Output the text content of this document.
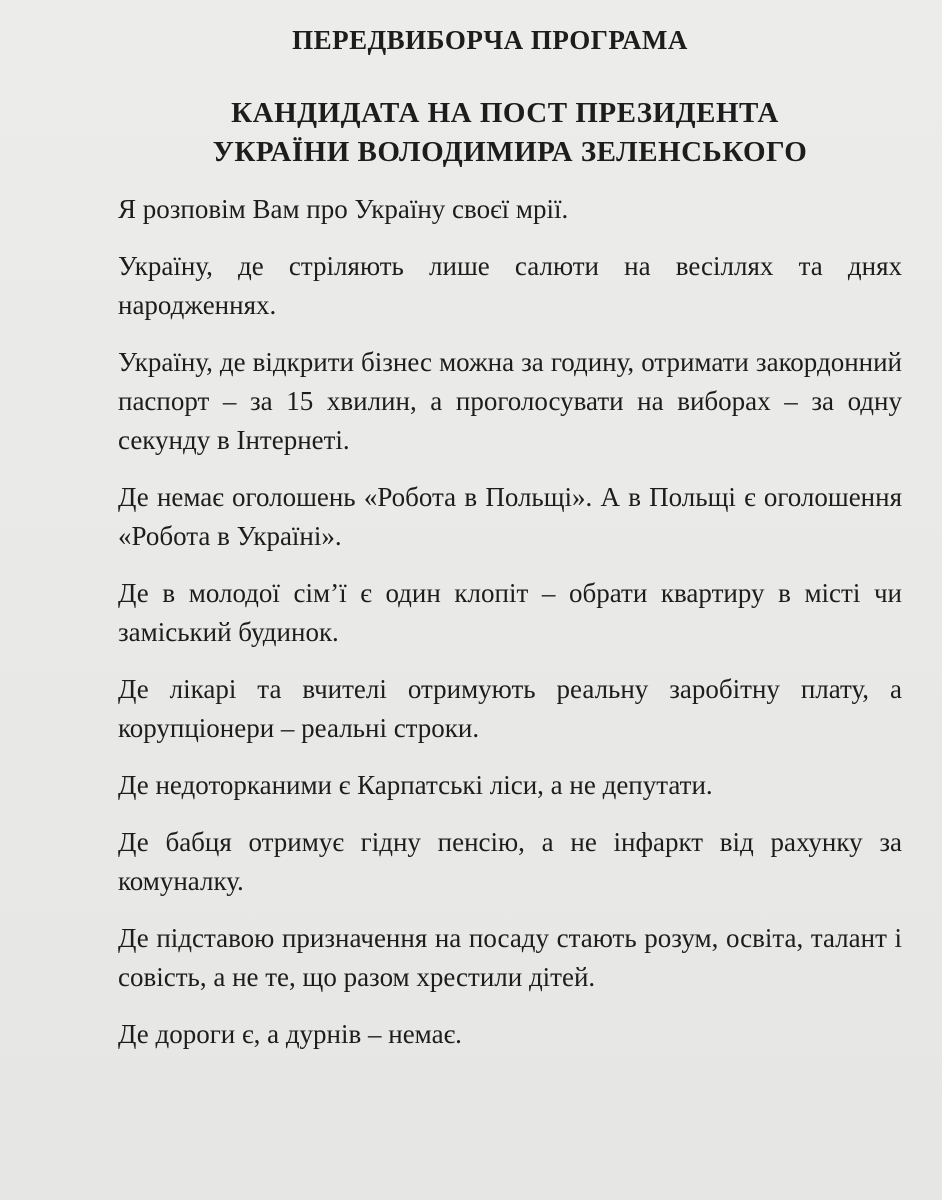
ПЕРЕДВИБОРЧА ПРОГРАМА
КАНДИДАТА НА ПОСТ ПРЕЗИДЕНТА
УКРАЇНИ ВОЛОДИМИРА ЗЕЛЕНСЬКОГО

Я розповім Вам про Україну своєї мрії.

Україну, де стріляють лише салюти на весіллях та днях народженнях.

Україну, де відкрити бізнес можна за годину, отримати закордонний паспорт – за 15 хвилин, а проголосувати на виборах – за одну секунду в Інтернеті.

Де немає оголошень «Робота в Польщі». А в Польщі є оголошення «Робота в Україні».

Де в молодої сім’ї є один клопіт – обрати квартиру в місті чи заміський будинок.

Де лікарі та вчителі отримують реальну заробітну плату, а корупціонери – реальні строки.

Де недоторканими є Карпатські ліси, а не депутати.

Де бабця отримує гідну пенсію, а не інфаркт від рахунку за комуналку.

Де підставою призначення на посаду стають розум, освіта, талант і совість, а не те, що разом хрестили дітей.

Де дороги є, а дурнів – немає.
